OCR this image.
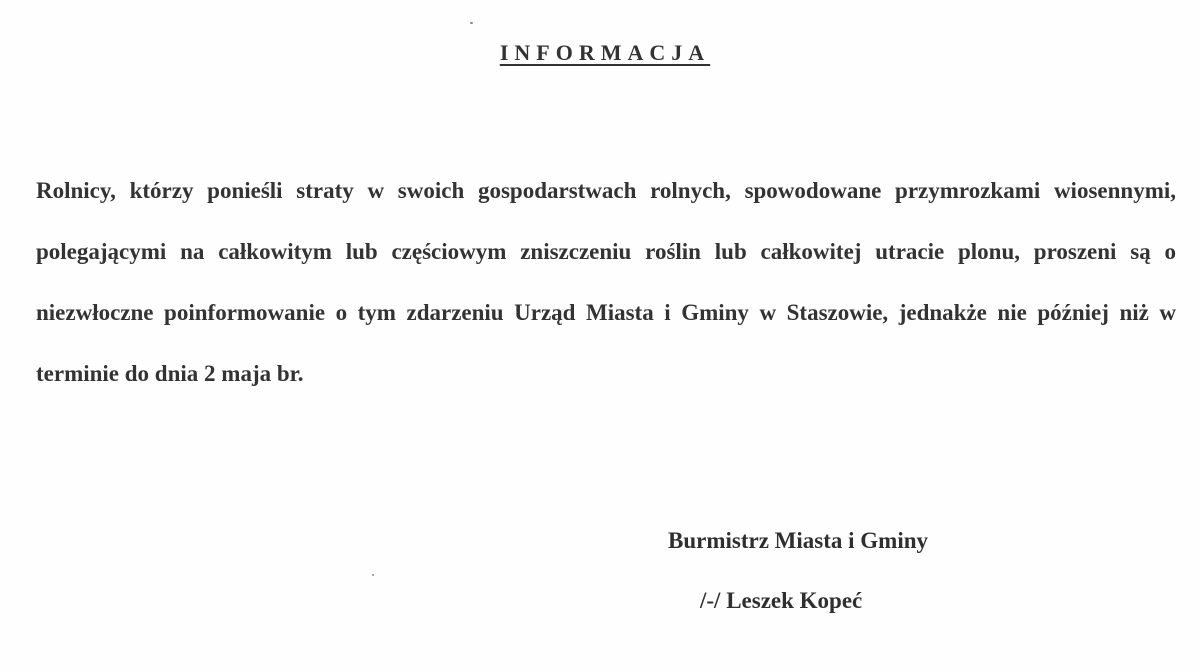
INFORMACJA

Rolnicy, którzy ponieśli straty w swoich gospodarstwach rolnych, spowodowane przymrozkami wiosennymi, polegającymi na całkowitym lub częściowym zniszczeniu roślin lub całkowitej utracie plonu, proszeni są o niezwłoczne poinformowanie o tym zdarzeniu Urząd Miasta i Gminy w Staszowie, jednakże nie później niż w terminie do dnia 2 maja br.

Burmistrz Miasta i Gminy
/-/ Leszek Kopeć
